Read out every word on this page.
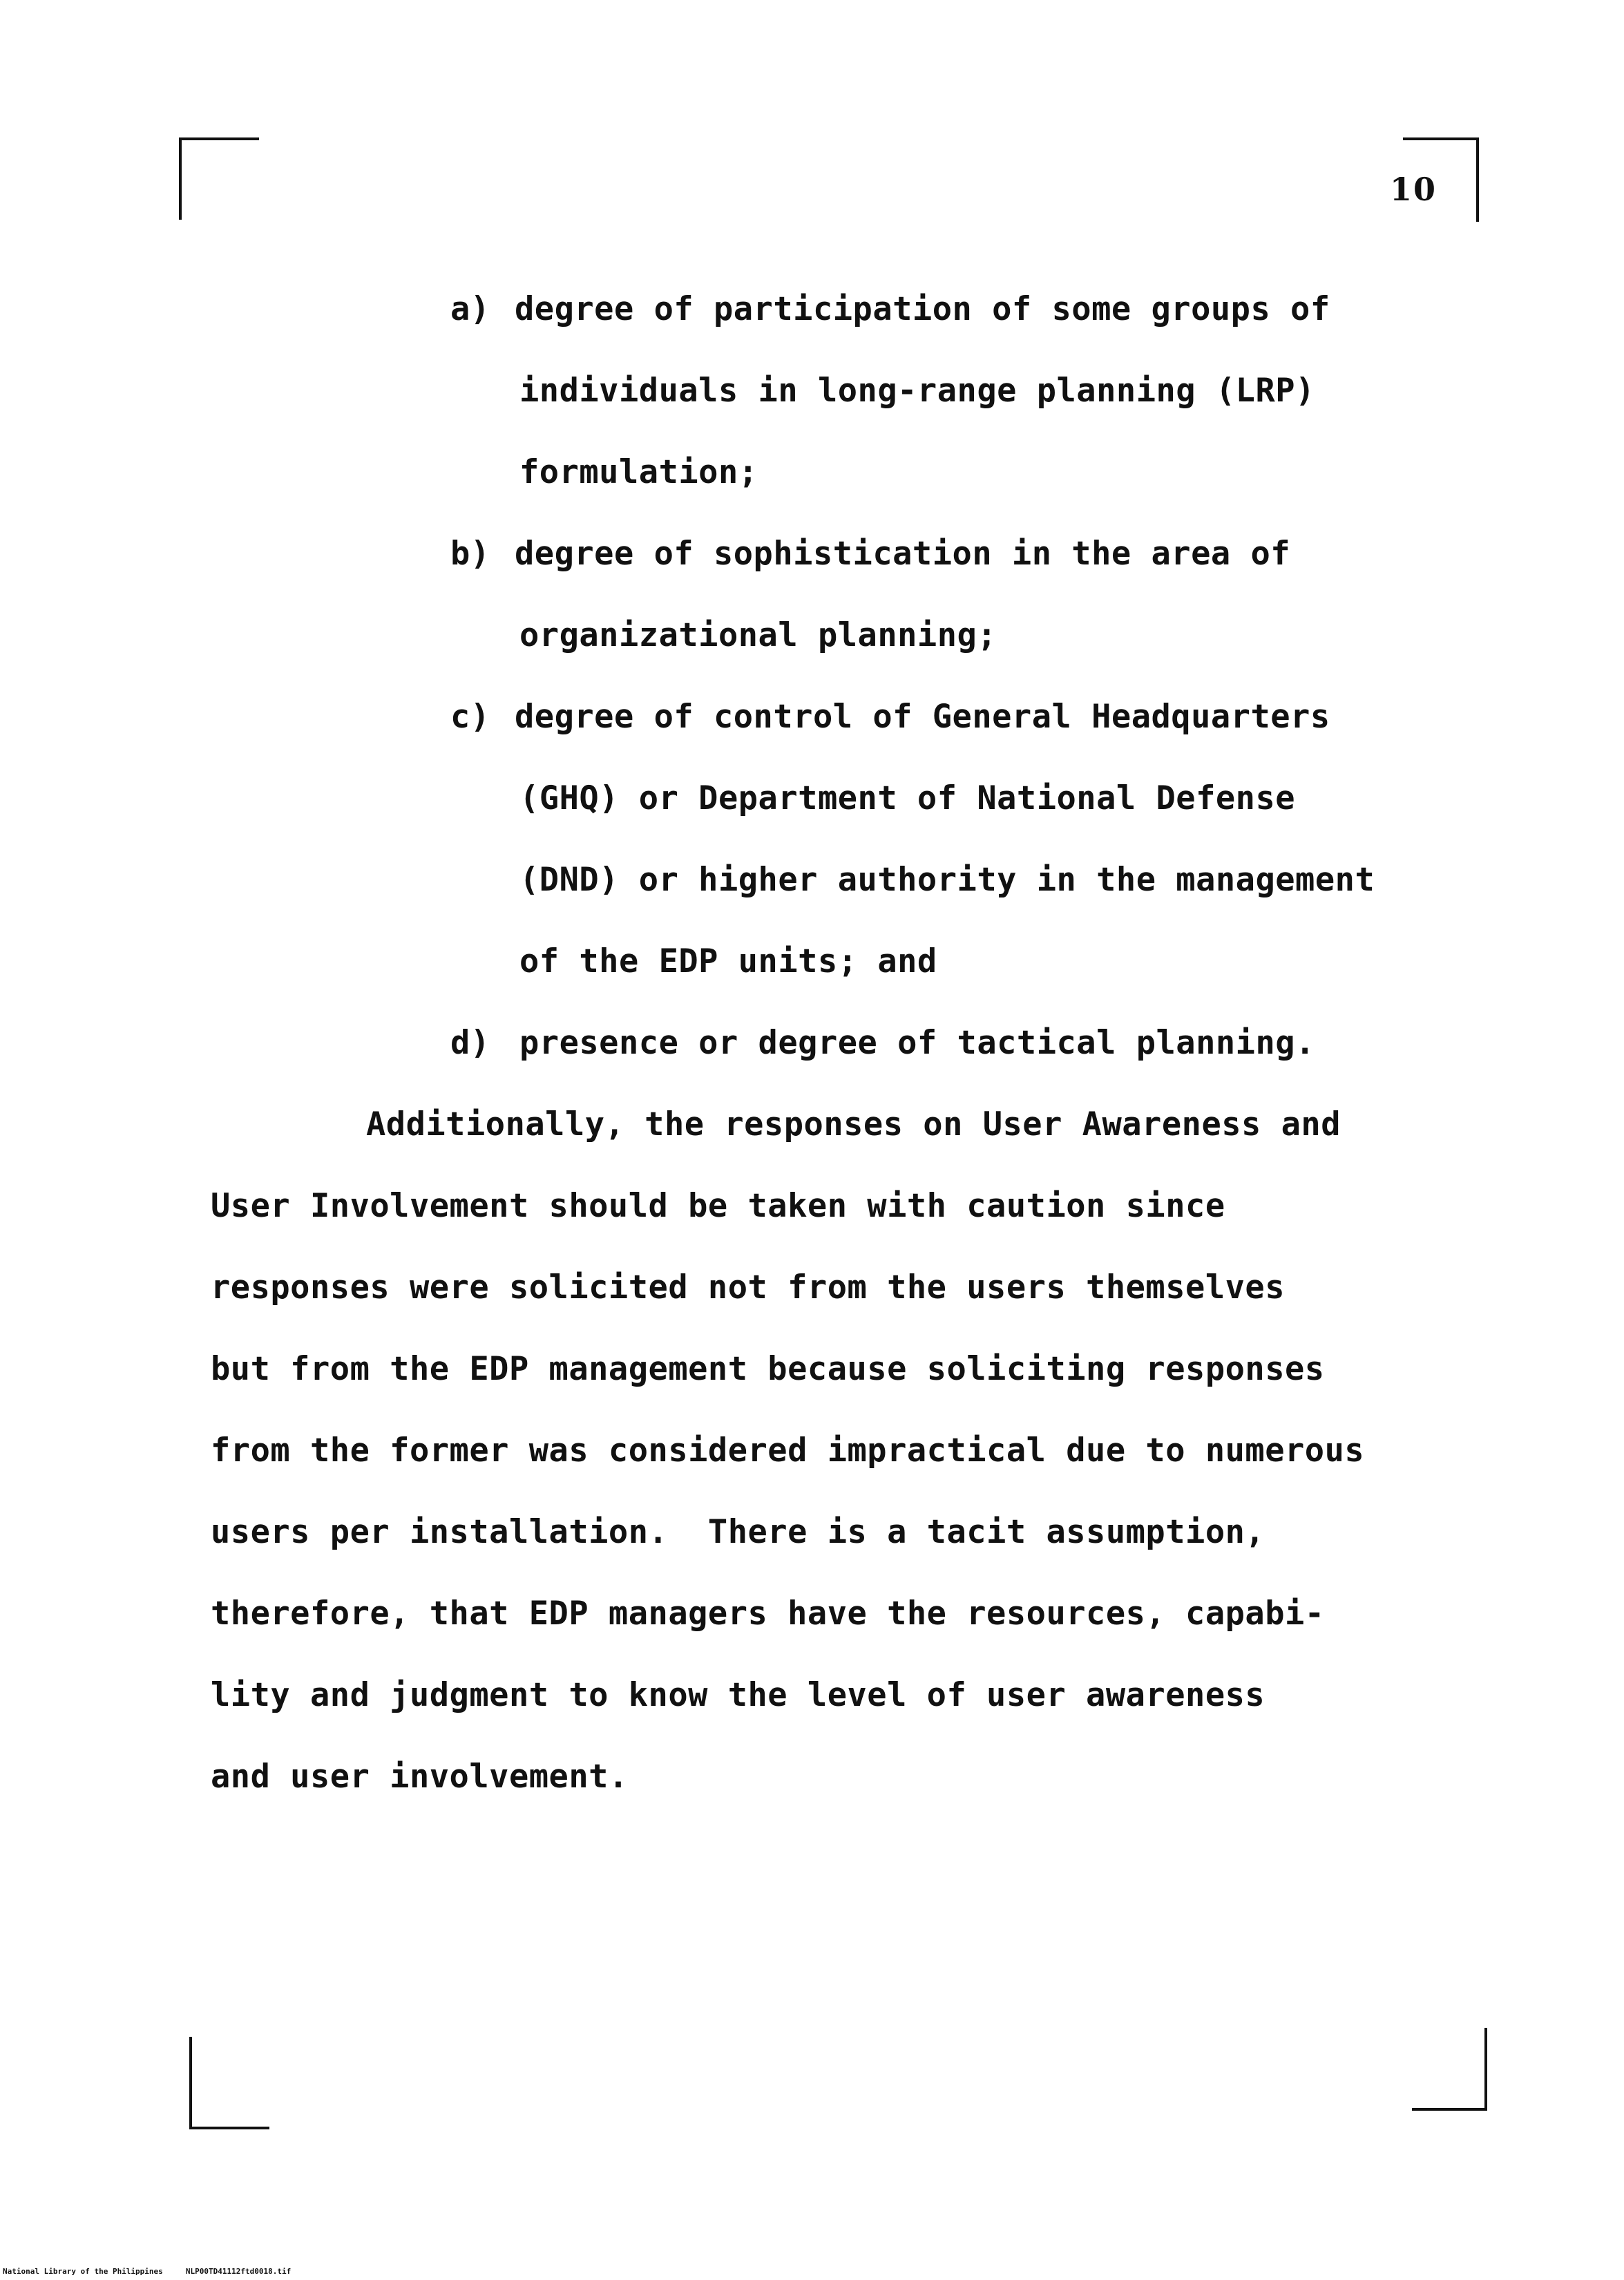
10
a) degree of participation of some groups of
individuals in long-range planning (LRP)
formulation;
b) degree of sophistication in the area of
organizational planning;
c) degree of control of General Headquarters
(GHQ) or Department of National Defense
(DND) or higher authority in the management
of the EDP units; and
d) presence or degree of tactical planning.
Additionally, the responses on User Awareness and
User Involvement should be taken with caution since
responses were solicited not from the users themselves
but from the EDP management because soliciting responses
from the former was considered impractical due to numerous
users per installation.  There is a tacit assumption,
therefore, that EDP managers have the resources, capabi-
lity and judgment to know the level of user awareness
and user involvement.
National Library of the Philippines	NLP00TD41112ftd0018.tif
